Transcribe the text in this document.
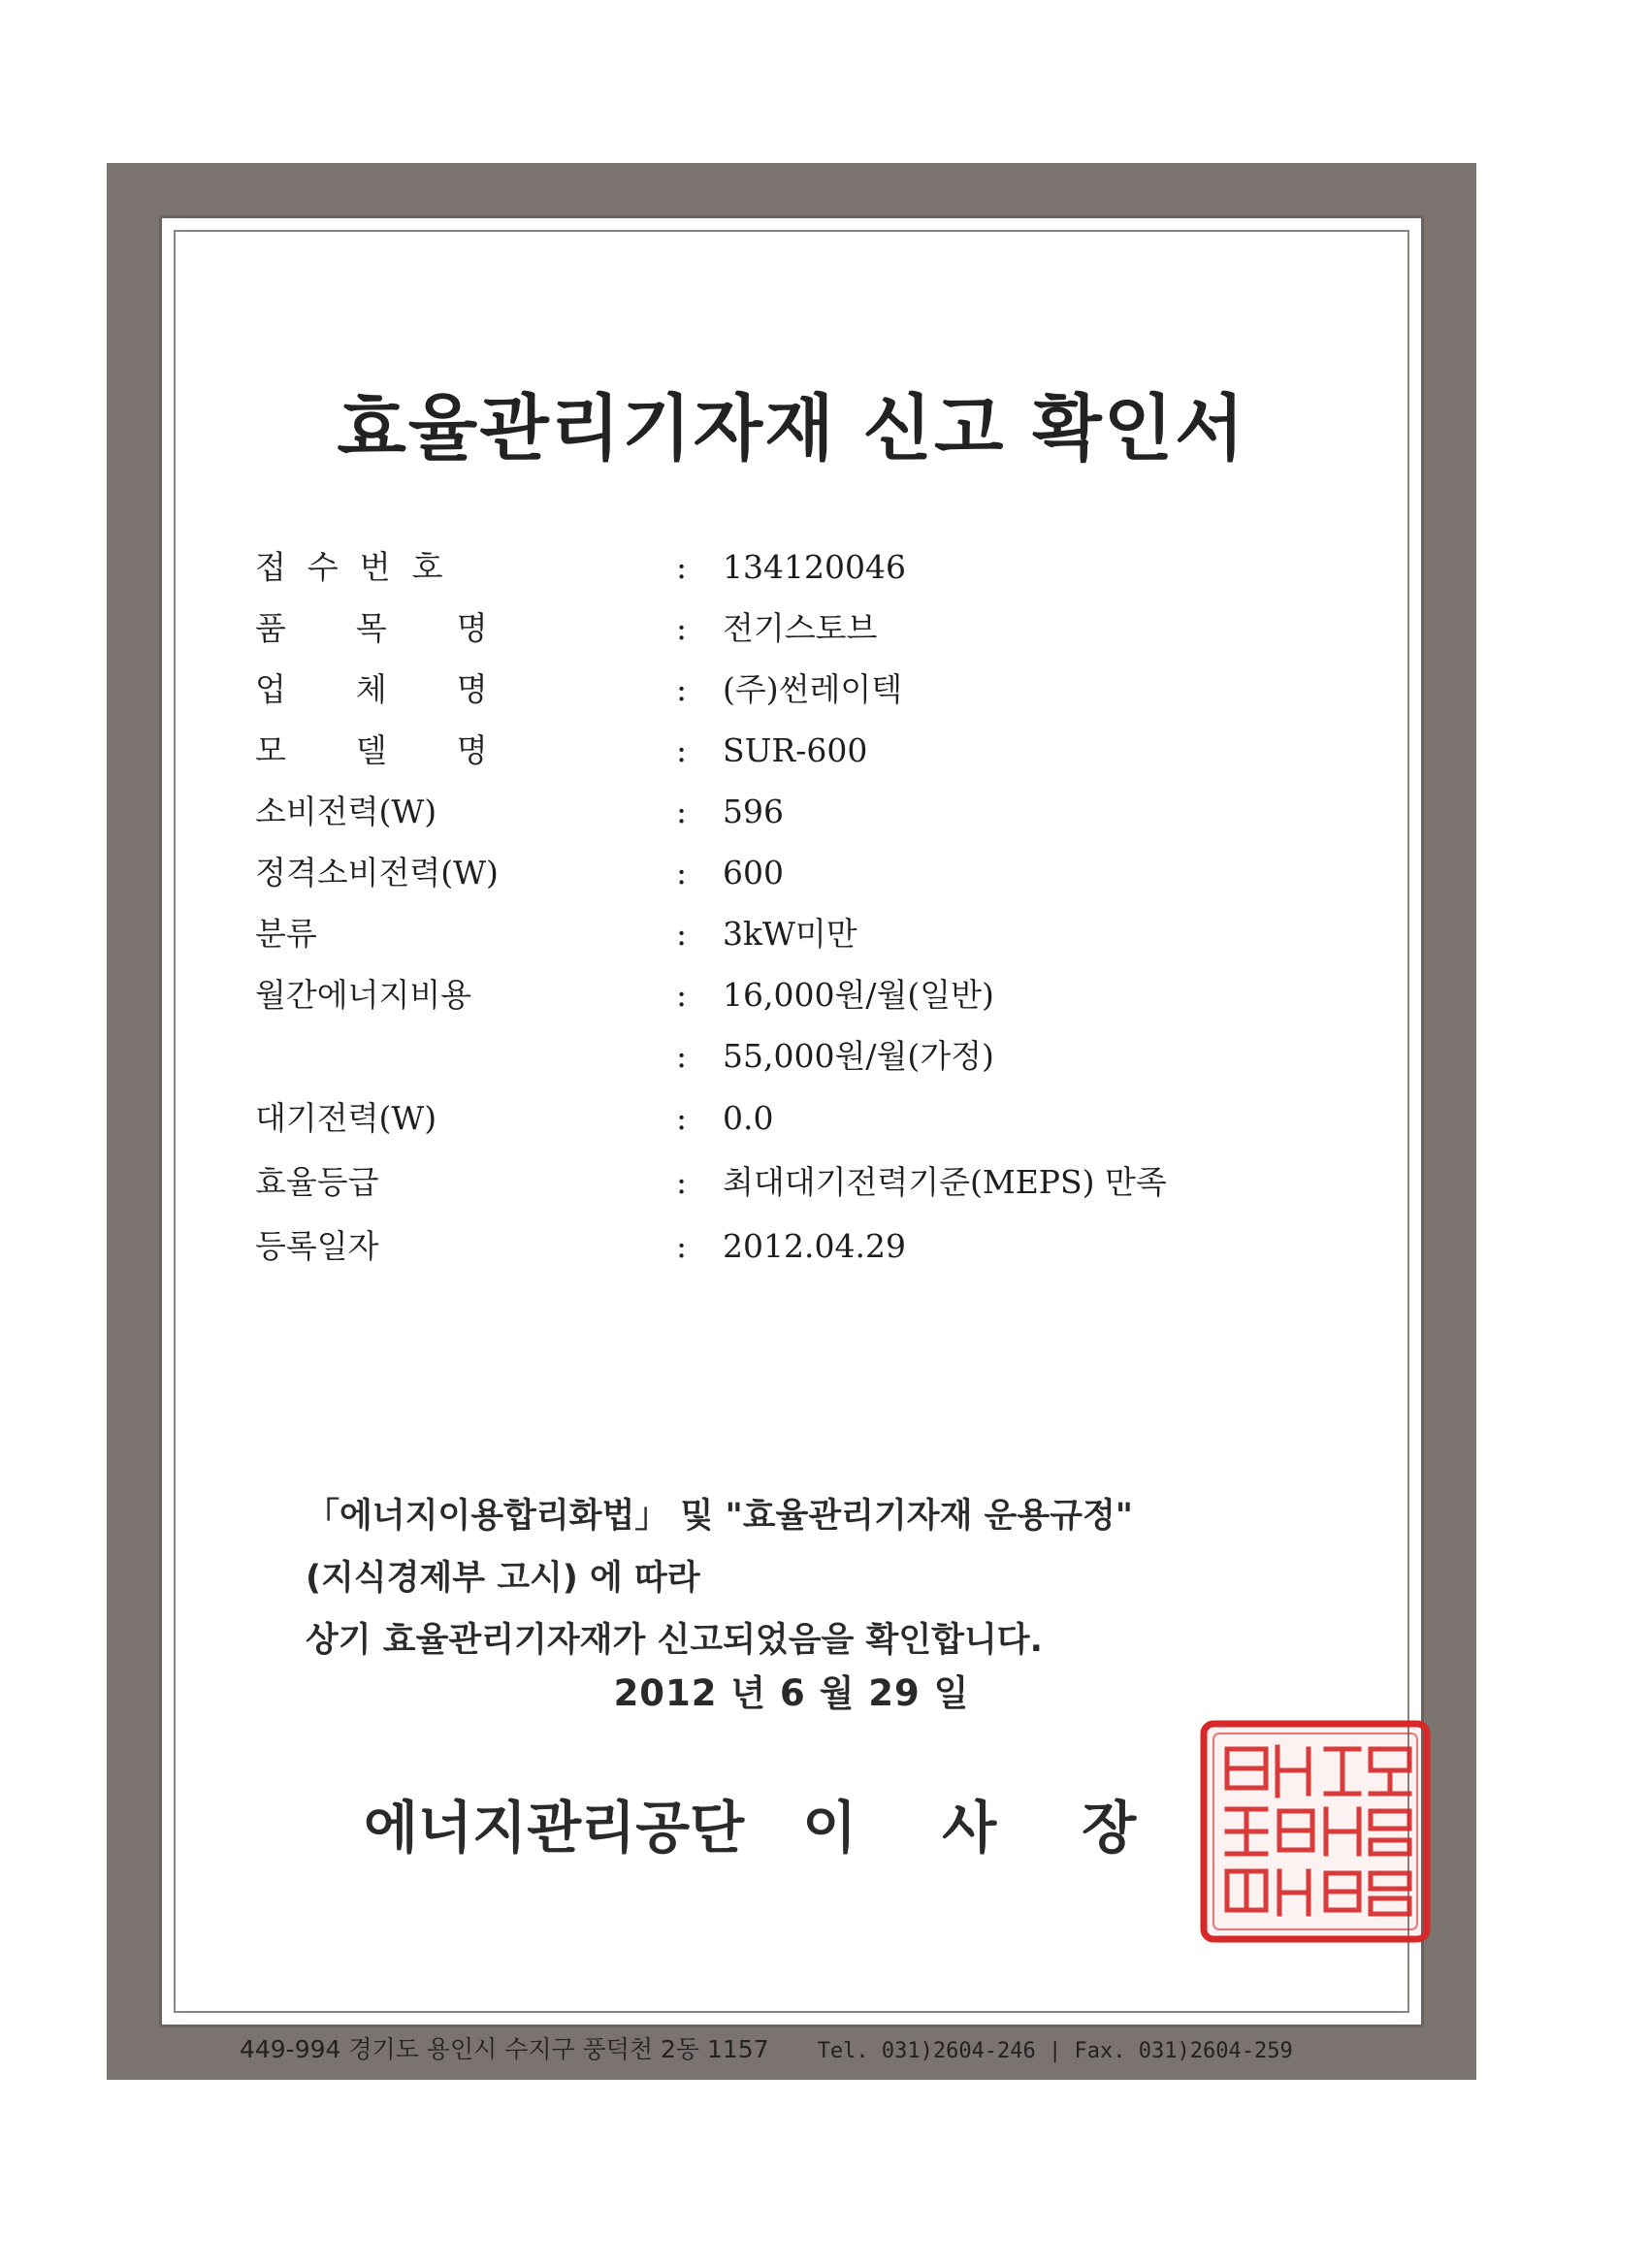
효율관리기자재 신고 확인서
접수번호	: 134120046
품목명	: 전기스토브
업체명	: (주)썬레이텍
모델명	: SUR-600
소비전력(W)	: 596
정격소비전력(W)	: 600
분류	: 3kW미만
월간에너지비용	: 16,000원/월(일반)
: 55,000원/월(가정)
대기전력(W)	: 0.0
효율등급	: 최대대기전력기준(MEPS) 만족
등록일자	: 2012.04.29
「에너지이용합리화법」 및 "효율관리기자재 운용규정"
(지식경제부 고시) 에 따라
상기 효율관리기자재가 신고되었음을 확인합니다.
2012 년 6 월 29 일
에너지관리공단 이 사 장
449-994 경기도 용인시 수지구 풍덕천 2동 1157 Tel. 031)2604-246 | Fax. 031)2604-259
